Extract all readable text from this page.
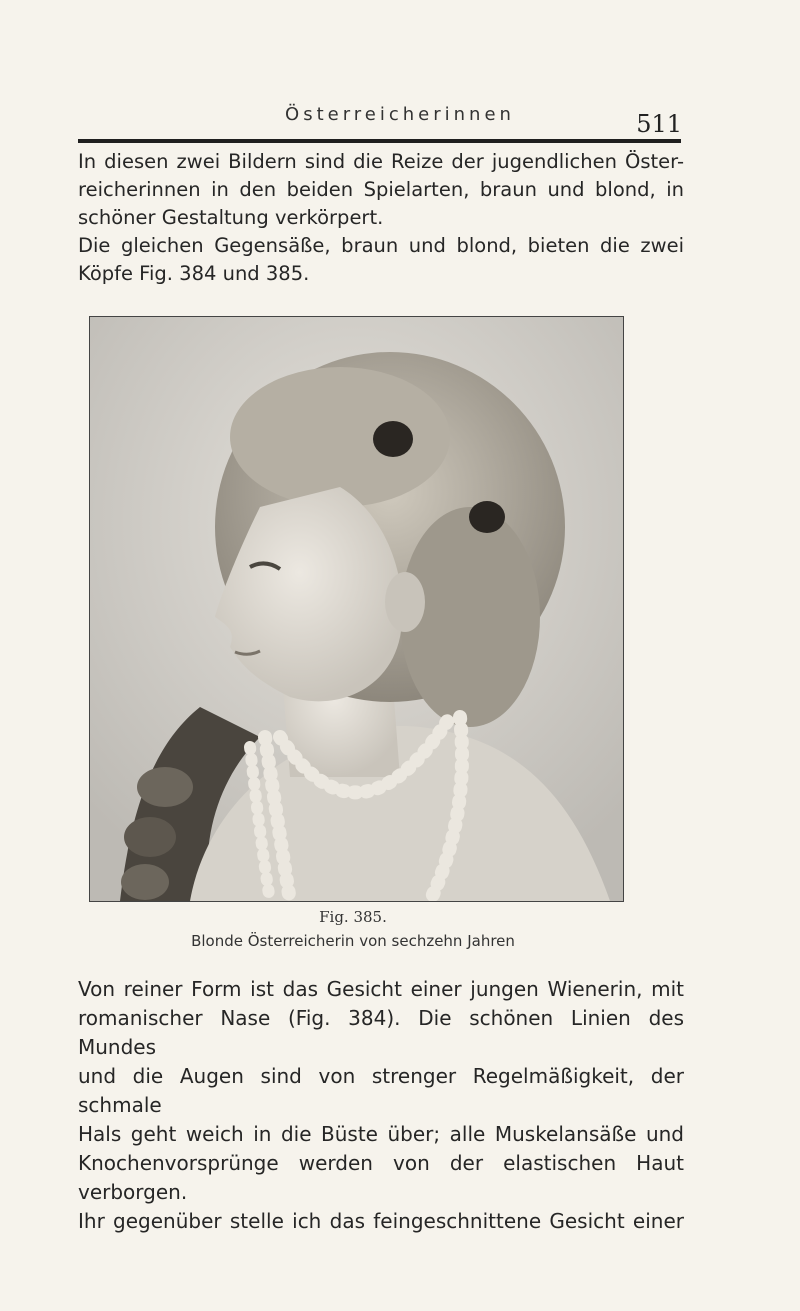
Österreicherinnen	511
In diesen zwei Bildern sind die Reize der jugendlichen Öster-
reicherinnen in den beiden Spielarten, braun und blond, in
schöner Gestaltung verkörpert.
Die gleichen Gegensäße, braun und blond, bieten die zwei
Köpfe Fig. 384 und 385.
Fig. 385.
Blonde Österreicherin von sechzehn Jahren
Von reiner Form ist das Gesicht einer jungen Wienerin, mit
romanischer Nase (Fig. 384). Die schönen Linien des Mundes
und die Augen sind von strenger Regelmäßigkeit, der schmale
Hals geht weich in die Büste über; alle Muskelansäße und
Knochenvorsprünge werden von der elastischen Haut verborgen.
Ihr gegenüber stelle ich das feingeschnittene Gesicht einer
